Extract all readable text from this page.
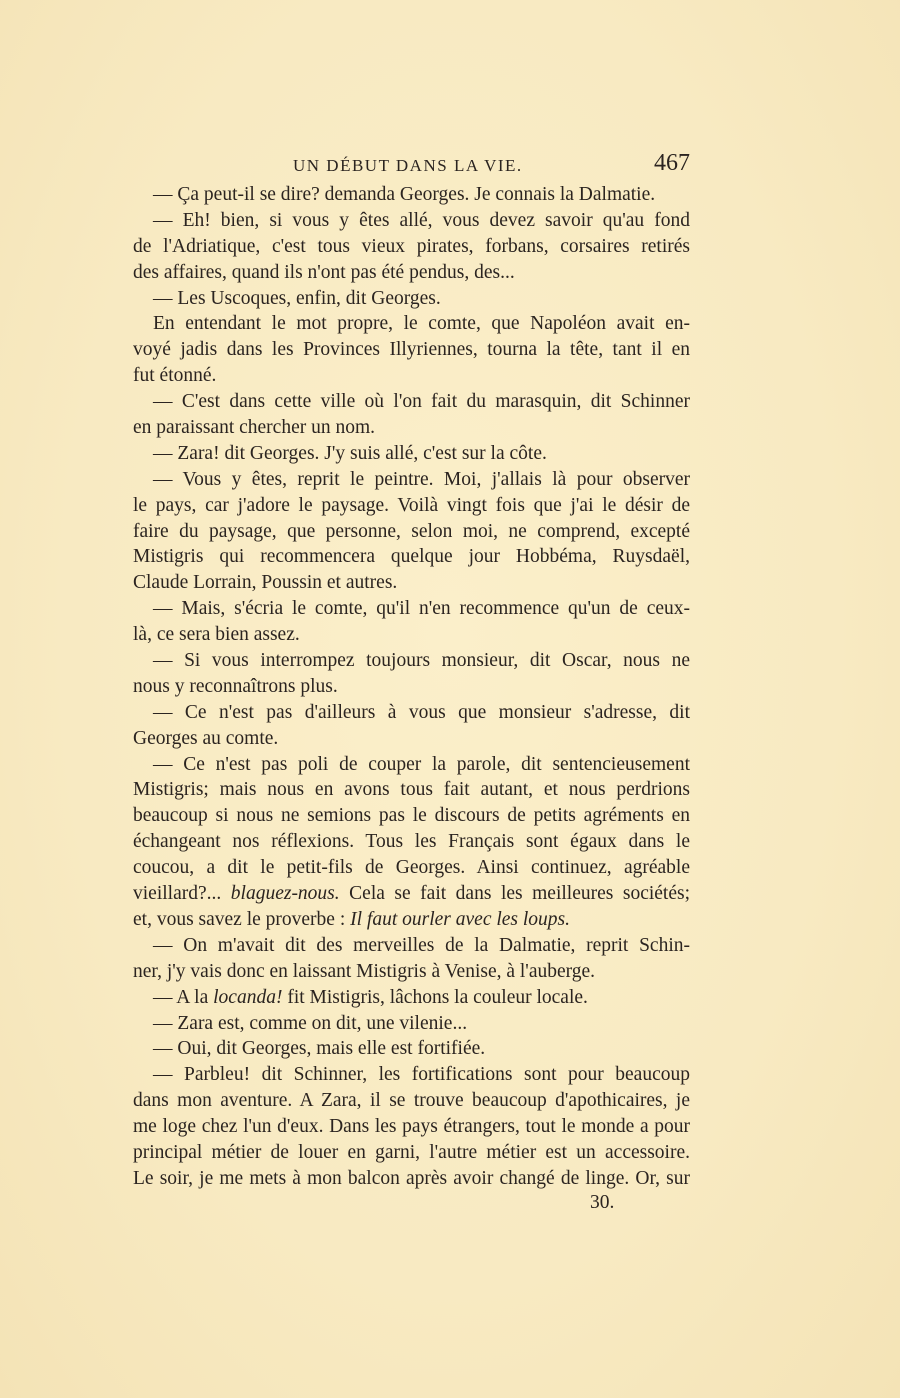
UN DÉBUT DANS LA VIE.	467
— Ça peut-il se dire? demanda Georges. Je connais la Dalmatie.
— Eh! bien, si vous y êtes allé, vous devez savoir qu'au fond
de l'Adriatique, c'est tous vieux pirates, forbans, corsaires retirés
des affaires, quand ils n'ont pas été pendus, des...
— Les Uscoques, enfin, dit Georges.
En entendant le mot propre, le comte, que Napoléon avait en-
voyé jadis dans les Provinces Illyriennes, tourna la tête, tant il en
fut étonné.
— C'est dans cette ville où l'on fait du marasquin, dit Schinner
en paraissant chercher un nom.
— Zara! dit Georges. J'y suis allé, c'est sur la côte.
— Vous y êtes, reprit le peintre. Moi, j'allais là pour observer
le pays, car j'adore le paysage. Voilà vingt fois que j'ai le désir de
faire du paysage, que personne, selon moi, ne comprend, excepté
Mistigris qui recommencera quelque jour Hobbéma, Ruysdaël,
Claude Lorrain, Poussin et autres.
— Mais, s'écria le comte, qu'il n'en recommence qu'un de ceux-
là, ce sera bien assez.
— Si vous interrompez toujours monsieur, dit Oscar, nous ne
nous y reconnaîtrons plus.
— Ce n'est pas d'ailleurs à vous que monsieur s'adresse, dit
Georges au comte.
— Ce n'est pas poli de couper la parole, dit sentencieusement
Mistigris; mais nous en avons tous fait autant, et nous perdrions
beaucoup si nous ne semions pas le discours de petits agréments en
échangeant nos réflexions. Tous les Français sont égaux dans le
coucou, a dit le petit-fils de Georges. Ainsi continuez, agréable
vieillard?... blaguez-nous. Cela se fait dans les meilleures sociétés;
et, vous savez le proverbe : Il faut ourler avec les loups.
— On m'avait dit des merveilles de la Dalmatie, reprit Schin-
ner, j'y vais donc en laissant Mistigris à Venise, à l'auberge.
— A la locanda! fit Mistigris, lâchons la couleur locale.
— Zara est, comme on dit, une vilenie...
— Oui, dit Georges, mais elle est fortifiée.
— Parbleu! dit Schinner, les fortifications sont pour beaucoup
dans mon aventure. A Zara, il se trouve beaucoup d'apothicaires, je
me loge chez l'un d'eux. Dans les pays étrangers, tout le monde a pour
principal métier de louer en garni, l'autre métier est un accessoire.
Le soir, je me mets à mon balcon après avoir changé de linge. Or, sur
30.
